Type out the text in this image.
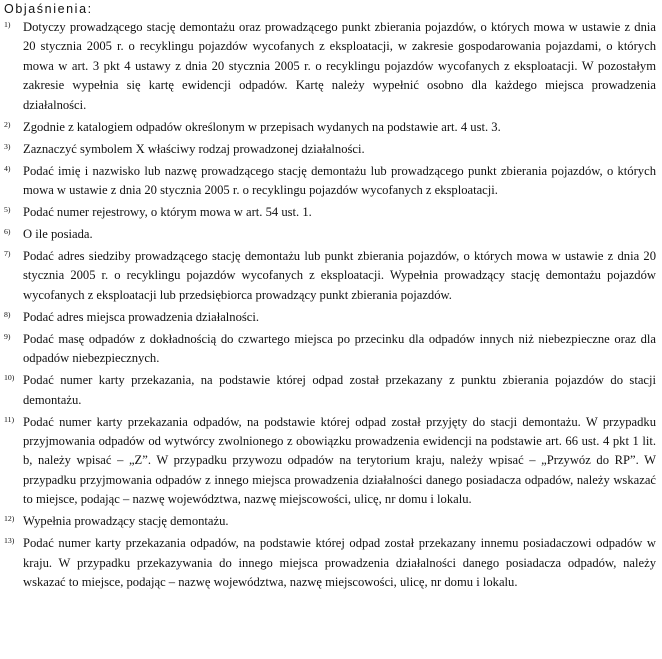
Objaśnienia:
1) Dotyczy prowadzącego stację demontażu oraz prowadzącego punkt zbierania pojazdów, o których mowa w ustawie z dnia 20 stycznia 2005 r. o recyklingu pojazdów wycofanych z eksploatacji, w zakresie gospodarowania pojazdami, o których mowa w art. 3 pkt 4 ustawy z dnia 20 stycznia 2005 r. o recyklingu pojazdów wycofanych z eksploatacji. W pozostałym zakresie wypełnia się kartę ewidencji odpadów. Kartę należy wypełnić osobno dla każdego miejsca prowadzenia działalności.
2) Zgodnie z katalogiem odpadów określonym w przepisach wydanych na podstawie art. 4 ust. 3.
3) Zaznaczyć symbolem X właściwy rodzaj prowadzonej działalności.
4) Podać imię i nazwisko lub nazwę prowadzącego stację demontażu lub prowadzącego punkt zbierania pojazdów, o których mowa w ustawie z dnia 20 stycznia 2005 r. o recyklingu pojazdów wycofanych z eksploatacji.
5) Podać numer rejestrowy, o którym mowa w art. 54 ust. 1.
6) O ile posiada.
7) Podać adres siedziby prowadzącego stację demontażu lub punkt zbierania pojazdów, o których mowa w ustawie z dnia 20 stycznia 2005 r. o recyklingu pojazdów wycofanych z eksploatacji. Wypełnia prowadzący stację demontażu pojazdów wycofanych z eksploatacji lub przedsiębiorca prowadzący punkt zbierania pojazdów.
8) Podać adres miejsca prowadzenia działalności.
9) Podać masę odpadów z dokładnością do czwartego miejsca po przecinku dla odpadów innych niż niebezpieczne oraz dla odpadów niebezpiecznych.
10) Podać numer karty przekazania, na podstawie której odpad został przekazany z punktu zbierania pojazdów do stacji demontażu.
11) Podać numer karty przekazania odpadów, na podstawie której odpad został przyjęty do stacji demontażu. W przypadku przyjmowania odpadów od wytwórcy zwolnionego z obowiązku prowadzenia ewidencji na podstawie art. 66 ust. 4 pkt 1 lit. b, należy wpisać – „Z”. W przypadku przywozu odpadów na terytorium kraju, należy wpisać – „Przywóz do RP”. W przypadku przyjmowania odpadów z innego miejsca prowadzenia działalności danego posiadacza odpadów, należy wskazać to miejsce, podając – nazwę województwa, nazwę miejscowości, ulicę, nr domu i lokalu.
12) Wypełnia prowadzący stację demontażu.
13) Podać numer karty przekazania odpadów, na podstawie której odpad został przekazany innemu posiadaczowi odpadów w kraju. W przypadku przekazywania do innego miejsca prowadzenia działalności danego posiadacza odpadów, należy wskazać to miejsce, podając – nazwę województwa, nazwę miejscowości, ulicę, nr domu i lokalu.
